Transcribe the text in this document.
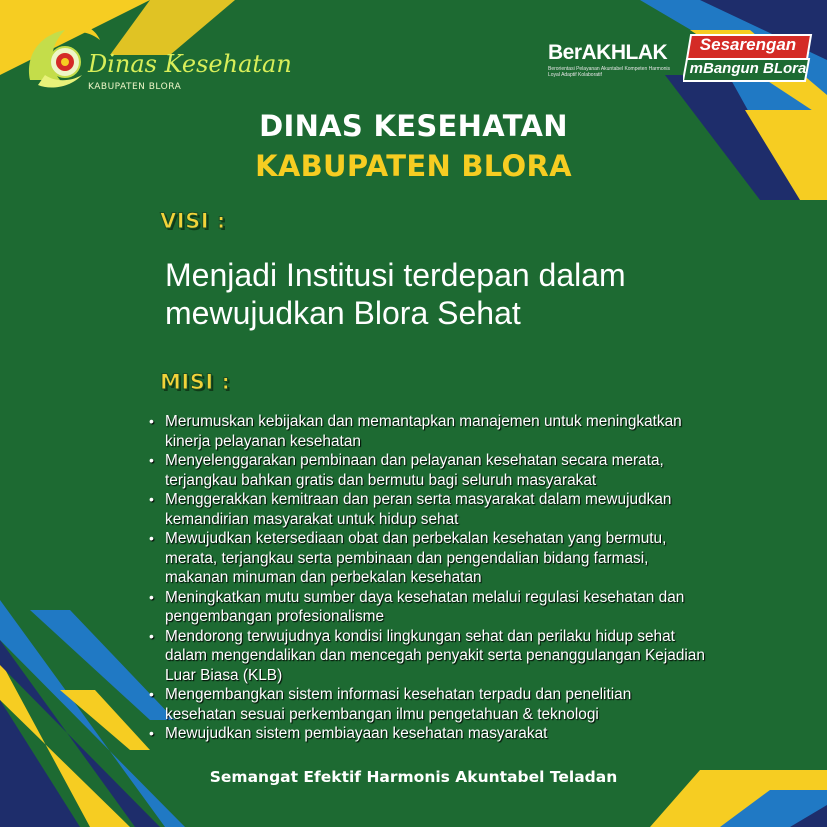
Dinas Kesehatan
KABUPATEN BLORA
BerAKHLAK
Berorientasi Pelayanan Akuntabel Kompeten Harmonis Loyal Adaptif Kolaboratif
Sesarengan
mBangun BLora
DINAS KESEHATAN
KABUPATEN BLORA
VISI :
Menjadi Institusi terdepan dalam mewujudkan Blora Sehat
MISI :
• Merumuskan kebijakan dan memantapkan manajemen untuk meningkatkan kinerja pelayanan kesehatan
• Menyelenggarakan pembinaan dan pelayanan kesehatan secara merata, terjangkau bahkan gratis dan bermutu bagi seluruh masyarakat
• Menggerakkan kemitraan dan peran serta masyarakat dalam mewujudkan kemandirian masyarakat untuk hidup sehat
• Mewujudkan ketersediaan obat dan perbekalan kesehatan yang bermutu, merata, terjangkau serta pembinaan dan pengendalian bidang farmasi, makanan minuman dan perbekalan kesehatan
• Meningkatkan mutu sumber daya kesehatan melalui regulasi kesehatan dan pengembangan profesionalisme
• Mendorong terwujudnya kondisi lingkungan sehat dan perilaku hidup sehat dalam mengendalikan dan mencegah penyakit serta penanggulangan Kejadian Luar Biasa (KLB)
• Mengembangkan sistem informasi kesehatan terpadu dan penelitian kesehatan sesuai perkembangan ilmu pengetahuan & teknologi
• Mewujudkan sistem pembiayaan kesehatan masyarakat
Semangat Efektif Harmonis Akuntabel Teladan
